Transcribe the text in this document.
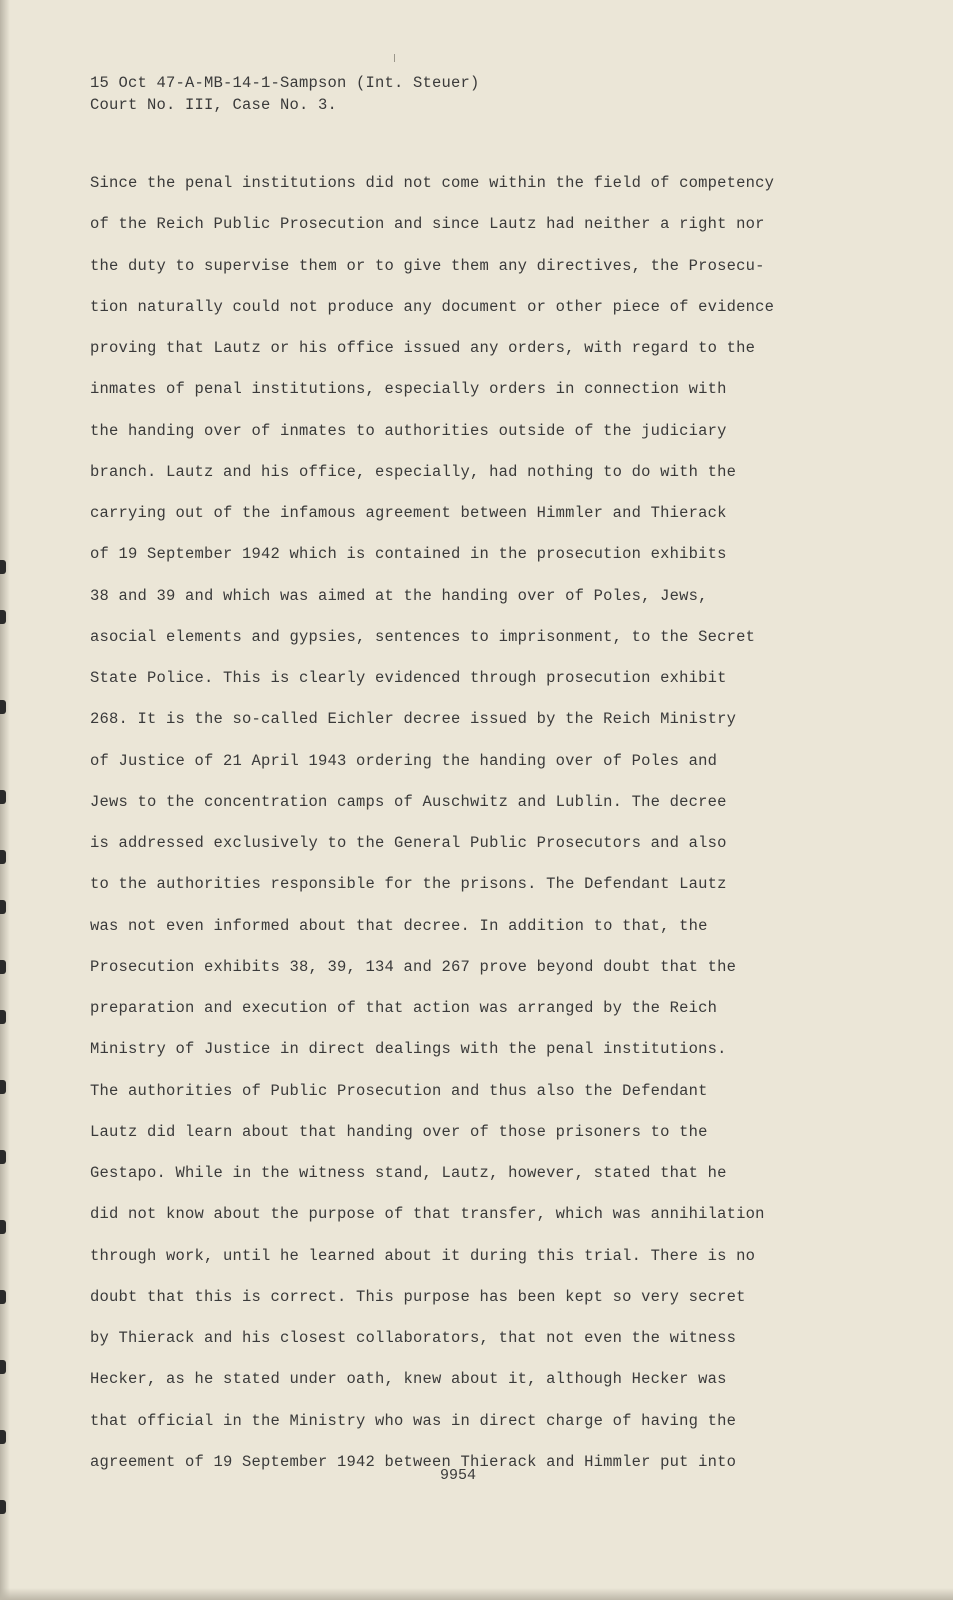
15 Oct 47-A-MB-14-1-Sampson (Int. Steuer)
Court No. III, Case No. 3.
Since the penal institutions did not come within the field of competency
of the Reich Public Prosecution and since Lautz had neither a right nor
the duty to supervise them or to give them any directives, the Prosecu-
tion naturally could not produce any document or other piece of evidence
proving that Lautz or his office issued any orders, with regard to the
inmates of penal institutions, especially orders in connection with
the handing over of inmates to authorities outside of the judiciary
branch. Lautz and his office, especially, had nothing to do with the
carrying out of the infamous agreement between Himmler and Thierack
of 19 September 1942 which is contained in the prosecution exhibits
38 and 39 and which was aimed at the handing over of Poles, Jews,
asocial elements and gypsies, sentences to imprisonment, to the Secret
State Police. This is clearly evidenced through prosecution exhibit
268. It is the so-called Eichler decree issued by the Reich Ministry
of Justice of 21 April 1943 ordering the handing over of Poles and
Jews to the concentration camps of Auschwitz and Lublin. The decree
is addressed exclusively to the General Public Prosecutors and also
to the authorities responsible for the prisons. The Defendant Lautz
was not even informed about that decree. In addition to that, the
Prosecution exhibits 38, 39, 134 and 267 prove beyond doubt that the
preparation and execution of that action was arranged by the Reich
Ministry of Justice in direct dealings with the penal institutions.
The authorities of Public Prosecution and thus also the Defendant
Lautz did learn about that handing over of those prisoners to the
Gestapo. While in the witness stand, Lautz, however, stated that he
did not know about the purpose of that transfer, which was annihilation
through work, until he learned about it during this trial. There is no
doubt that this is correct. This purpose has been kept so very secret
by Thierack and his closest collaborators, that not even the witness
Hecker, as he stated under oath, knew about it, although Hecker was
that official in the Ministry who was in direct charge of having the
agreement of 19 September 1942 between Thierack and Himmler put into
9954
